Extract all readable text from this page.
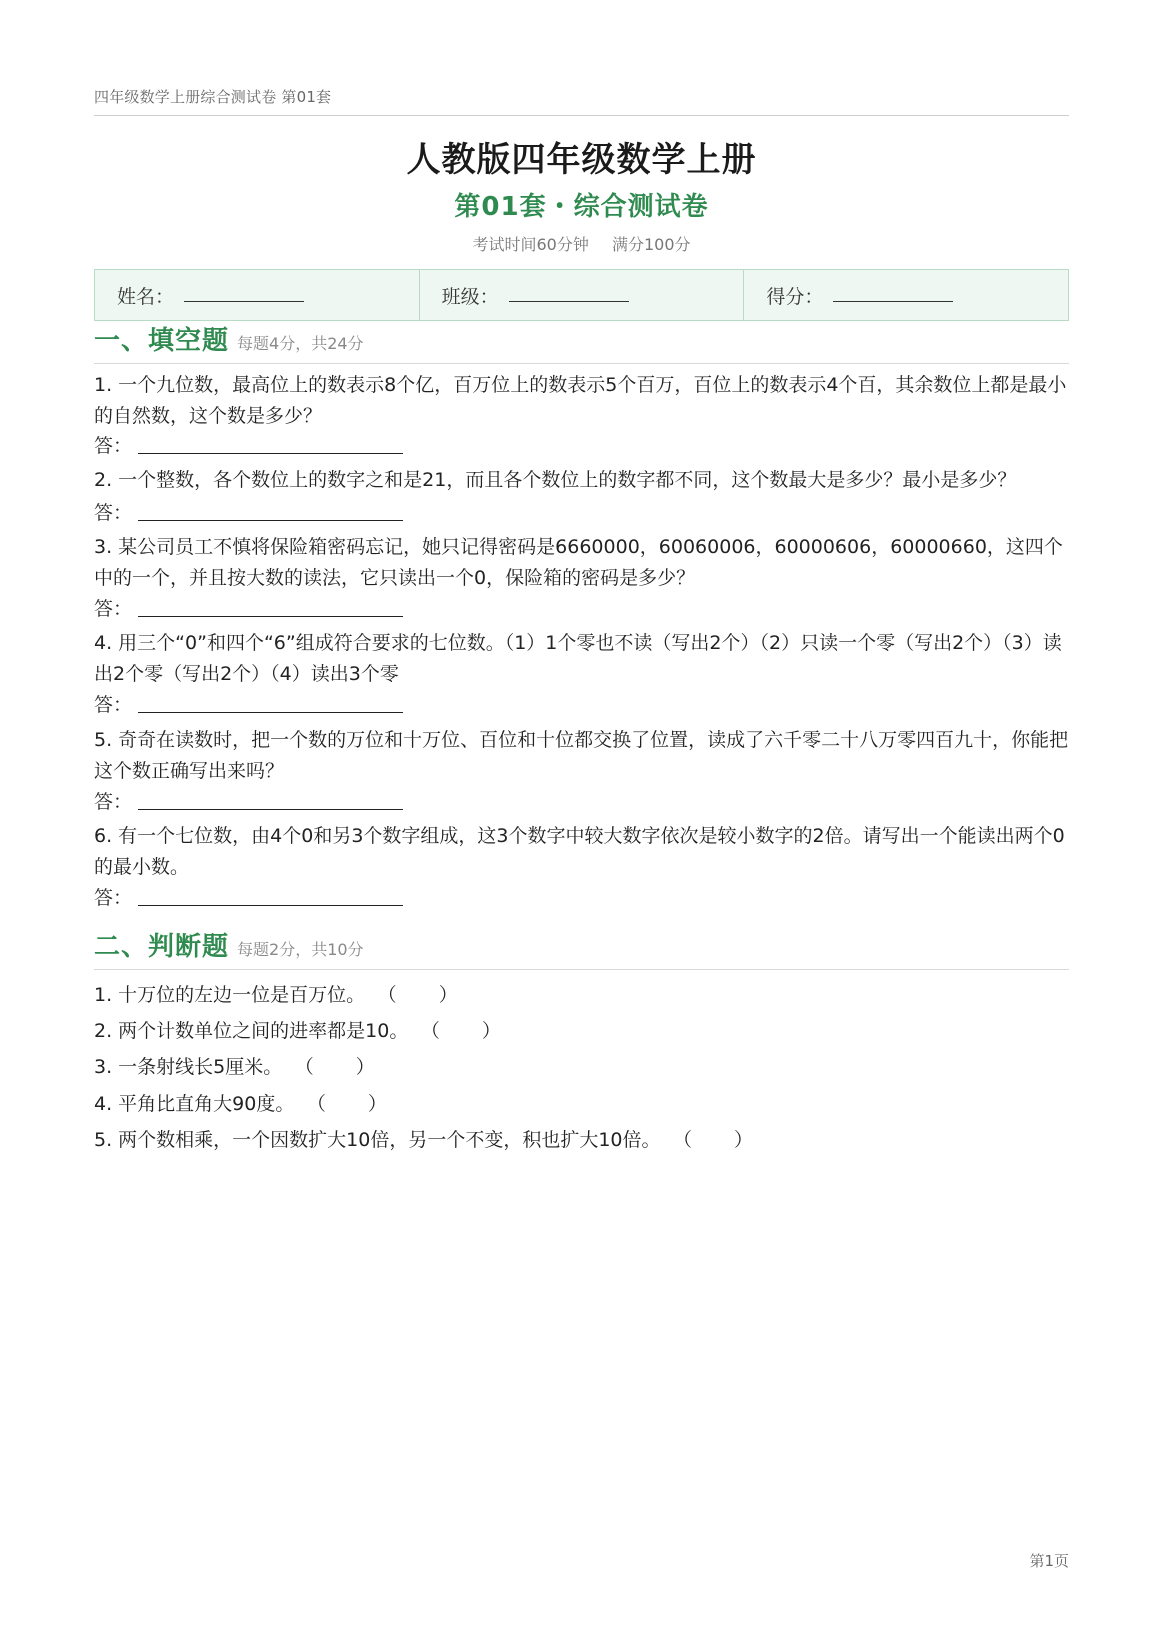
四年级数学上册综合测试卷 第01套
人教版四年级数学上册
第01套・综合测试卷
考试时间60分钟 满分100分
姓名：	班级：	得分：
一、填空题 每题4分，共24分
1. 一个九位数，最高位上的数表示8个亿，百万位上的数表示5个百万，百位上的数表示4个百，其余数位上都是最小的自然数，这个数是多少？
答：
2. 一个整数，各个数位上的数字之和是21，而且各个数位上的数字都不同，这个数最大是多少？最小是多少？
答：
3. 某公司员工不慎将保险箱密码忘记，她只记得密码是6660000，60060006，60000606，60000660，这四个中的一个，并且按大数的读法，它只读出一个0，保险箱的密码是多少？
答：
4. 用三个“0”和四个“6”组成符合要求的七位数。（1）1个零也不读（写出2个）（2）只读一个零（写出2个）（3）读出2个零（写出2个）（4）读出3个零
答：
5. 奇奇在读数时，把一个数的万位和十万位、百位和十位都交换了位置，读成了六千零二十八万零四百九十，你能把这个数正确写出来吗？
答：
6. 有一个七位数，由4个0和另3个数字组成，这3个数字中较大数字依次是较小数字的2倍。请写出一个能读出两个0的最小数。
答：
二、判断题 每题2分，共10分
1. 十万位的左边一位是百万位。 （ ）
2. 两个计数单位之间的进率都是10。 （ ）
3. 一条射线长5厘米。 （ ）
4. 平角比直角大90度。 （ ）
5. 两个数相乘，一个因数扩大10倍，另一个不变，积也扩大10倍。 （ ）
第1页
